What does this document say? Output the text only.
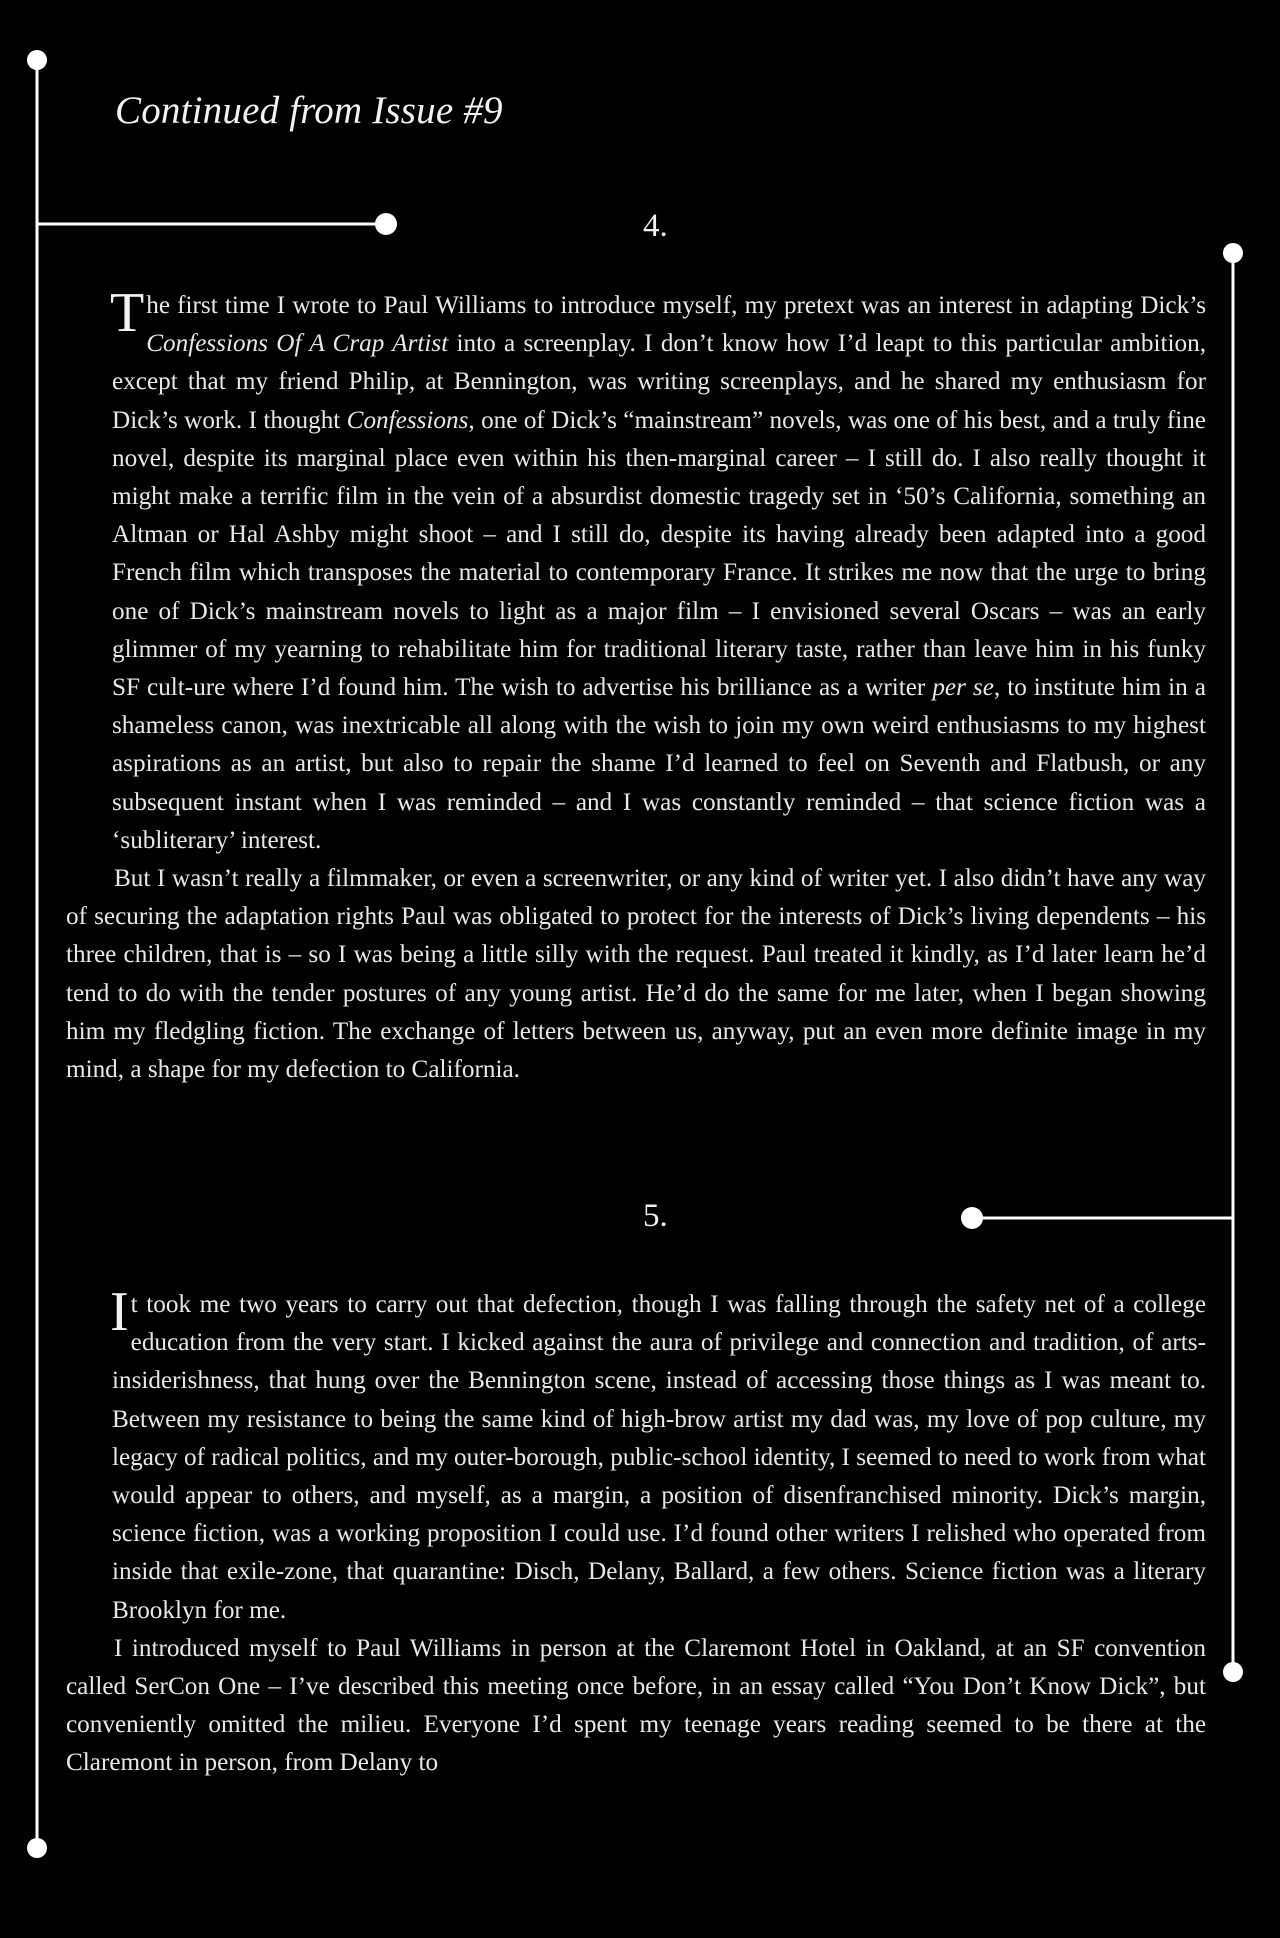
Continued from Issue #9
4.

The first time I wrote to Paul Williams to introduce myself, my pretext was an interest in adapting Dick’s Confessions Of A Crap Artist into a screenplay. I don’t know how I’d leapt to this particular ambition, except that my friend Philip, at Bennington, was writing screenplays, and he shared my enthusiasm for Dick’s work. I thought Confessions, one of Dick’s “mainstream” novels, was one of his best, and a truly fine novel, despite its marginal place even within his then-marginal career – I still do. I also really thought it might make a terrific film in the vein of a absurdist domestic tragedy set in ‘50’s California, something an Altman or Hal Ashby might shoot – and I still do, despite its having already been adapted into a good French film which transposes the material to contemporary France. It strikes me now that the urge to bring one of Dick’s mainstream novels to light as a major film – I envisioned several Oscars – was an early glimmer of my yearning to rehabilitate him for traditional literary taste, rather than leave him in his funky SF cult-ure where I’d found him. The wish to advertise his brilliance as a writer per se, to institute him in a shameless canon, was inextricable all along with the wish to join my own weird enthusiasms to my highest aspirations as an artist, but also to repair the shame I’d learned to feel on Seventh and Flatbush, or any subsequent instant when I was reminded – and I was constantly reminded – that science fiction was a ‘subliterary’ interest.

But I wasn’t really a filmmaker, or even a screenwriter, or any kind of writer yet. I also didn’t have any way of securing the adaptation rights Paul was obligated to protect for the interests of Dick’s living dependents – his three children, that is – so I was being a little silly with the request. Paul treated it kindly, as I’d later learn he’d tend to do with the tender postures of any young artist. He’d do the same for me later, when I began showing him my fledgling fiction. The exchange of letters between us, anyway, put an even more definite image in my mind, a shape for my defection to California.

5.

It took me two years to carry out that defection, though I was falling through the safety net of a college education from the very start. I kicked against the aura of privilege and connection and tradition, of arts-insiderishness, that hung over the Bennington scene, instead of accessing those things as I was meant to. Between my resistance to being the same kind of high-brow artist my dad was, my love of pop culture, my legacy of radical politics, and my outer-borough, public-school identity, I seemed to need to work from what would appear to others, and myself, as a margin, a position of disenfranchised minority. Dick’s margin, science fiction, was a working proposition I could use. I’d found other writers I relished who operated from inside that exile-zone, that quarantine: Disch, Delany, Ballard, a few others. Science fiction was a literary Brooklyn for me.

I introduced myself to Paul Williams in person at the Claremont Hotel in Oakland, at an SF convention called SerCon One – I’ve described this meeting once before, in an essay called “You Don’t Know Dick”, but conveniently omitted the milieu. Everyone I’d spent my teenage years reading seemed to be there at the Claremont in person, from Delany to
